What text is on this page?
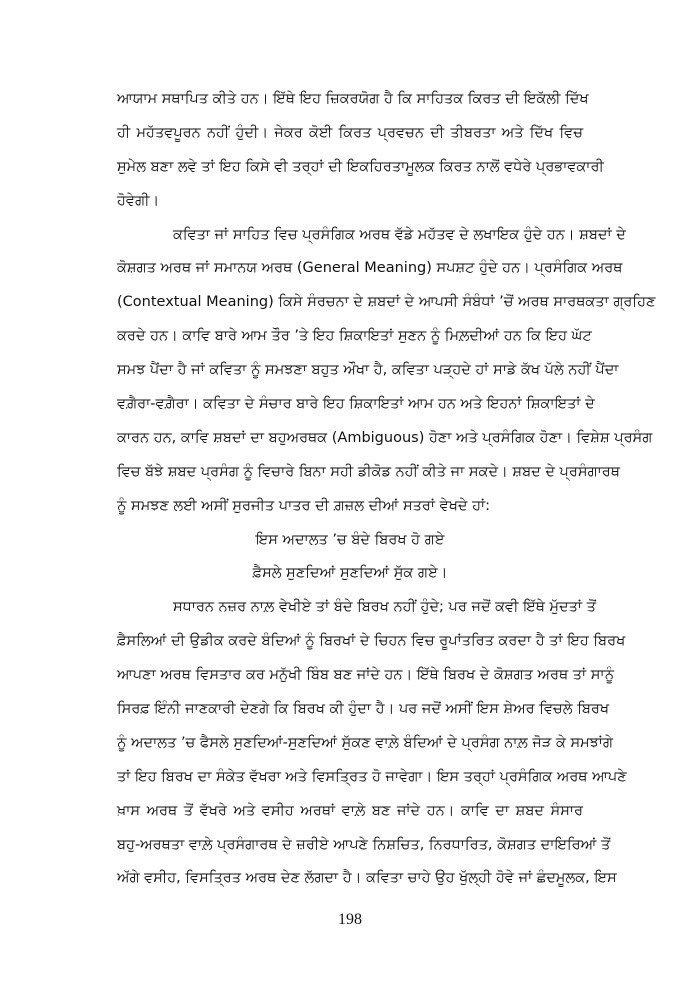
ਆਯਾਮ ਸਥਾਪਿਤ ਕੀਤੇ ਹਨ। ਇੱਥੇ ਇਹ ਜ਼ਿਕਰਯੋਗ ਹੈ ਕਿ ਸਾਹਿਤਕ ਕਿਰਤ ਦੀ ਇਕੱਲੀ ਦਿੱਖ
ਹੀ ਮਹੱਤਵਪੂਰਨ ਨਹੀਂ ਹੁੰਦੀ। ਜੇਕਰ ਕੋਈ ਕਿਰਤ ਪ੍ਰਵਚਨ ਦੀ ਤੀਬਰਤਾ ਅਤੇ ਦਿੱਖ ਵਿਚ
ਸੁਮੇਲ ਬਣਾ ਲਵੇ ਤਾਂ ਇਹ ਕਿਸੇ ਵੀ ਤਰ੍ਹਾਂ ਦੀ ਇਕਹਿਰਤਾਮੂਲਕ ਕਿਰਤ ਨਾਲੋਂ ਵਧੇਰੇ ਪ੍ਰਭਾਵਕਾਰੀ
ਹੋਵੇਗੀ।
ਕਵਿਤਾ ਜਾਂ ਸਾਹਿਤ ਵਿਚ ਪ੍ਰਸੰਗਿਕ ਅਰਥ ਵੱਡੇ ਮਹੱਤਵ ਦੇ ਲਖਾਇਕ ਹੁੰਦੇ ਹਨ। ਸ਼ਬਦਾਂ ਦੇ
ਕੋਸ਼ਗਤ ਅਰਥ ਜਾਂ ਸਮਾਨਯ ਅਰਥ (General Meaning) ਸਪਸ਼ਟ ਹੁੰਦੇ ਹਨ। ਪ੍ਰਸੰਗਿਕ ਅਰਥ
(Contextual Meaning) ਕਿਸੇ ਸੰਰਚਨਾ ਦੇ ਸ਼ਬਦਾਂ ਦੇ ਆਪਸੀ ਸੰਬੰਧਾਂ ’ਚੋਂ ਅਰਥ ਸਾਰਥਕਤਾ ਗ੍ਰਹਿਣ
ਕਰਦੇ ਹਨ। ਕਾਵਿ ਬਾਰੇ ਆਮ ਤੌਰ ’ਤੇ ਇਹ ਸ਼ਿਕਾਇਤਾਂ ਸੁਣਨ ਨੂੰ ਮਿਲ਼ਦੀਆਂ ਹਨ ਕਿ ਇਹ ਘੱਟ
ਸਮਝ ਪੈਂਦਾ ਹੈ ਜਾਂ ਕਵਿਤਾ ਨੂੰ ਸਮਝਣਾ ਬਹੁਤ ਔਖਾ ਹੈ, ਕਵਿਤਾ ਪੜ੍ਹਦੇ ਹਾਂ ਸਾਡੇ ਕੱਖ ਪੱਲੇ ਨਹੀਂ ਪੈਂਦਾ
ਵਗ਼ੈਰਾ-ਵਗ਼ੈਰਾ। ਕਵਿਤਾ ਦੇ ਸੰਚਾਰ ਬਾਰੇ ਇਹ ਸ਼ਿਕਾਇਤਾਂ ਆਮ ਹਨ ਅਤੇ ਇਹਨਾਂ ਸ਼ਿਕਾਇਤਾਂ ਦੇ
ਕਾਰਨ ਹਨ, ਕਾਵਿ ਸ਼ਬਦਾਂ ਦਾ ਬਹੁਅਰਥਕ (Ambiguous) ਹੋਣਾ ਅਤੇ ਪ੍ਰਸੰਗਿਕ ਹੋਣਾ। ਵਿਸ਼ੇਸ਼ ਪ੍ਰਸੰਗ
ਵਿਚ ਬੱਝੇ ਸ਼ਬਦ ਪ੍ਰਸੰਗ ਨੂੰ ਵਿਚਾਰੇ ਬਿਨਾ ਸਹੀ ਡੀਕੋਡ ਨਹੀਂ ਕੀਤੇ ਜਾ ਸਕਦੇ। ਸ਼ਬਦ ਦੇ ਪ੍ਰਸੰਗਾਰਥ
ਨੂੰ ਸਮਝਣ ਲਈ ਅਸੀਂ ਸੁਰਜੀਤ ਪਾਤਰ ਦੀ ਗ਼ਜ਼ਲ ਦੀਆਂ ਸਤਰਾਂ ਵੇਖਦੇ ਹਾਂ:
ਇਸ ਅਦਾਲਤ ’ਚ ਬੰਦੇ ਬਿਰਖ ਹੋ ਗਏ
ਫ਼ੈਸਲੇ ਸੁਣਦਿਆਂ ਸੁਣਦਿਆਂ ਸੁੱਕ ਗਏ।
ਸਧਾਰਨ ਨਜ਼ਰ ਨਾਲ਼ ਵੇਖੀਏ ਤਾਂ ਬੰਦੇ ਬਿਰਖ ਨਹੀਂ ਹੁੰਦੇ; ਪਰ ਜਦੋਂ ਕਵੀ ਇੱਥੇ ਮੁੱਦਤਾਂ ਤੋਂ
ਫ਼ੈਸਲਿਆਂ ਦੀ ਉਡੀਕ ਕਰਦੇ ਬੰਦਿਆਂ ਨੂੰ ਬਿਰਖਾਂ ਦੇ ਚਿਹਨ ਵਿਚ ਰੂਪਾਂਤਰਿਤ ਕਰਦਾ ਹੈ ਤਾਂ ਇਹ ਬਿਰਖ
ਆਪਣਾ ਅਰਥ ਵਿਸਤਾਰ ਕਰ ਮਨੁੱਖੀ ਬਿੰਬ ਬਣ ਜਾਂਦੇ ਹਨ। ਇੱਥੇ ਬਿਰਖ ਦੇ ਕੋਸ਼ਗਤ ਅਰਥ ਤਾਂ ਸਾਨੂੰ
ਸਿਰਫ਼ ਇੰਨੀ ਜਾਣਕਾਰੀ ਦੇਣਗੇ ਕਿ ਬਿਰਖ ਕੀ ਹੁੰਦਾ ਹੈ। ਪਰ ਜਦੋਂ ਅਸੀਂ ਇਸ ਸ਼ੇਅਰ ਵਿਚਲੇ ਬਿਰਖ
ਨੂੰ ਅਦਾਲਤ ’ਚ ਫੈਸਲੇ ਸੁਣਦਿਆਂ-ਸੁਣਦਿਆਂ ਸੁੱਕਣ ਵਾਲ਼ੇ ਬੰਦਿਆਂ ਦੇ ਪ੍ਰਸੰਗ ਨਾਲ਼ ਜੋੜ ਕੇ ਸਮਝਾਂਗੇ
ਤਾਂ ਇਹ ਬਿਰਖ ਦਾ ਸੰਕੇਤ ਵੱਖਰਾ ਅਤੇ ਵਿਸਤ੍ਰਿਤ ਹੋ ਜਾਵੇਗਾ। ਇਸ ਤਰ੍ਹਾਂ ਪ੍ਰਸੰਗਿਕ ਅਰਥ ਆਪਣੇ
ਖ਼ਾਸ ਅਰਥ ਤੋਂ ਵੱਖਰੇ ਅਤੇ ਵਸੀਹ ਅਰਥਾਂ ਵਾਲ਼ੇ ਬਣ ਜਾਂਦੇ ਹਨ। ਕਾਵਿ ਦਾ ਸ਼ਬਦ ਸੰਸਾਰ
ਬਹੁ-ਅਰਥਤਾ ਵਾਲ਼ੇ ਪ੍ਰਸੰਗਾਰਥ ਦੇ ਜ਼ਰੀਏ ਆਪਣੇ ਨਿਸ਼ਚਿਤ, ਨਿਰਧਾਰਿਤ, ਕੋਸ਼ਗਤ ਦਾਇਰਿਆਂ ਤੋਂ
ਅੱਗੇ ਵਸੀਹ, ਵਿਸਤ੍ਰਿਤ ਅਰਥ ਦੇਣ ਲੱਗਦਾ ਹੈ। ਕਵਿਤਾ ਚਾਹੇ ਉਹ ਖੁੱਲ੍ਹੀ ਹੋਵੇ ਜਾਂ ਛੰਦਮੂਲਕ, ਇਸ
198
